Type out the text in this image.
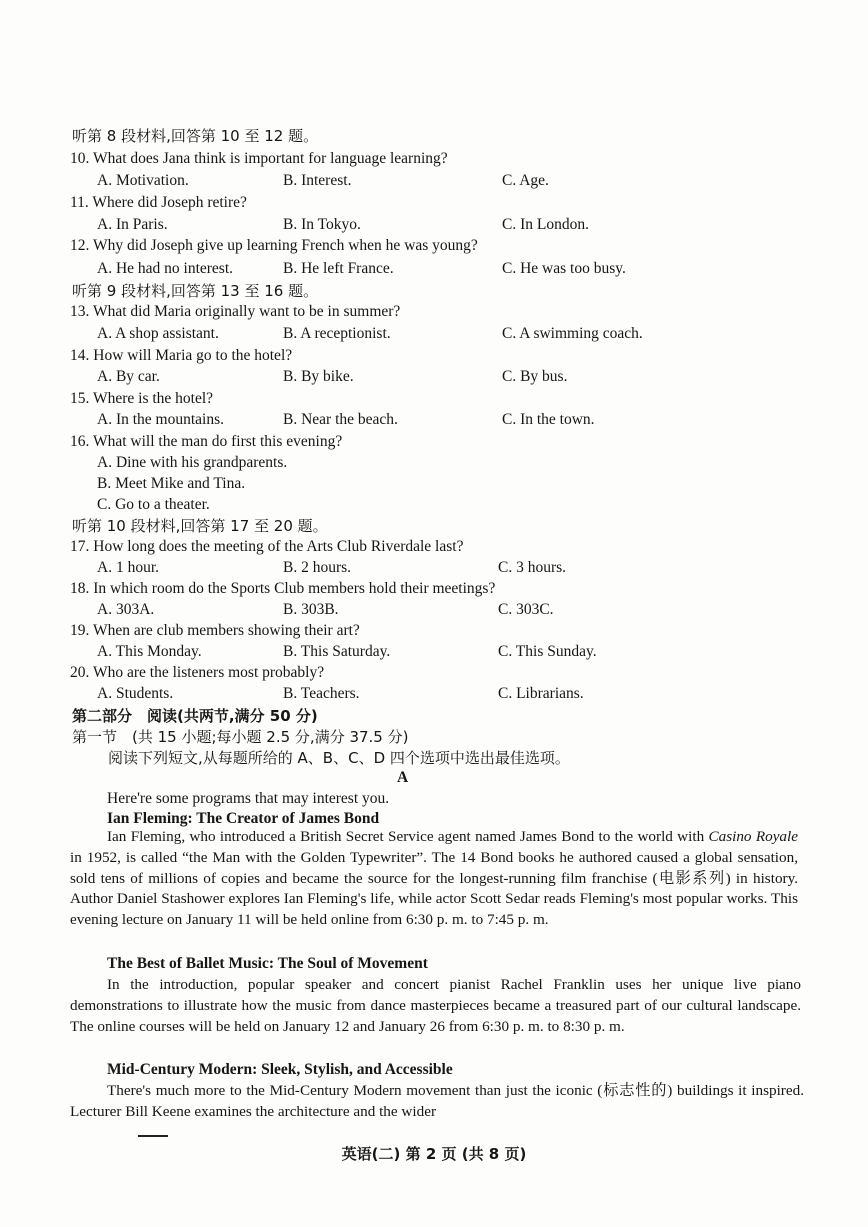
听第 8 段材料,回答第 10 至 12 题。
10. What does Jana think is important for language learning?
A. Motivation.	B. Interest.	C. Age.
11. Where did Joseph retire?
A. In Paris.	B. In Tokyo.	C. In London.
12. Why did Joseph give up learning French when he was young?
A. He had no interest.	B. He left France.	C. He was too busy.
听第 9 段材料,回答第 13 至 16 题。
13. What did Maria originally want to be in summer?
A. A shop assistant.	B. A receptionist.	C. A swimming coach.
14. How will Maria go to the hotel?
A. By car.	B. By bike.	C. By bus.
15. Where is the hotel?
A. In the mountains.	B. Near the beach.	C. In the town.
16. What will the man do first this evening?
A. Dine with his grandparents.
B. Meet Mike and Tina.
C. Go to a theater.
听第 10 段材料,回答第 17 至 20 题。
17. How long does the meeting of the Arts Club Riverdale last?
A. 1 hour.	B. 2 hours.	C. 3 hours.
18. In which room do the Sports Club members hold their meetings?
A. 303A.	B. 303B.	C. 303C.
19. When are club members showing their art?
A. This Monday.	B. This Saturday.	C. This Sunday.
20. Who are the listeners most probably?
A. Students.	B. Teachers.	C. Librarians.
第二部分　阅读(共两节,满分 50 分)
第一节　(共 15 小题;每小题 2.5 分,满分 37.5 分)
阅读下列短文,从每题所给的 A、B、C、D 四个选项中选出最佳选项。
A
Here're some programs that may interest you.
Ian Fleming: The Creator of James Bond
Ian Fleming, who introduced a British Secret Service agent named James Bond to the world with Casino Royale in 1952, is called “the Man with the Golden Typewriter”. The 14 Bond books he authored caused a global sensation, sold tens of millions of copies and became the source for the longest-running film franchise (电影系列) in history. Author Daniel Stashower explores Ian Fleming's life, while actor Scott Sedar reads Fleming's most popular works. This evening lecture on January 11 will be held online from 6:30 p. m. to 7:45 p. m.
The Best of Ballet Music: The Soul of Movement
In the introduction, popular speaker and concert pianist Rachel Franklin uses her unique live piano demonstrations to illustrate how the music from dance masterpieces became a treasured part of our cultural landscape. The online courses will be held on January 12 and January 26 from 6:30 p. m. to 8:30 p. m.
Mid-Century Modern: Sleek, Stylish, and Accessible
There's much more to the Mid-Century Modern movement than just the iconic (标志性的) buildings it inspired. Lecturer Bill Keene examines the architecture and the wider
英语(二) 第 2 页 (共 8 页)
